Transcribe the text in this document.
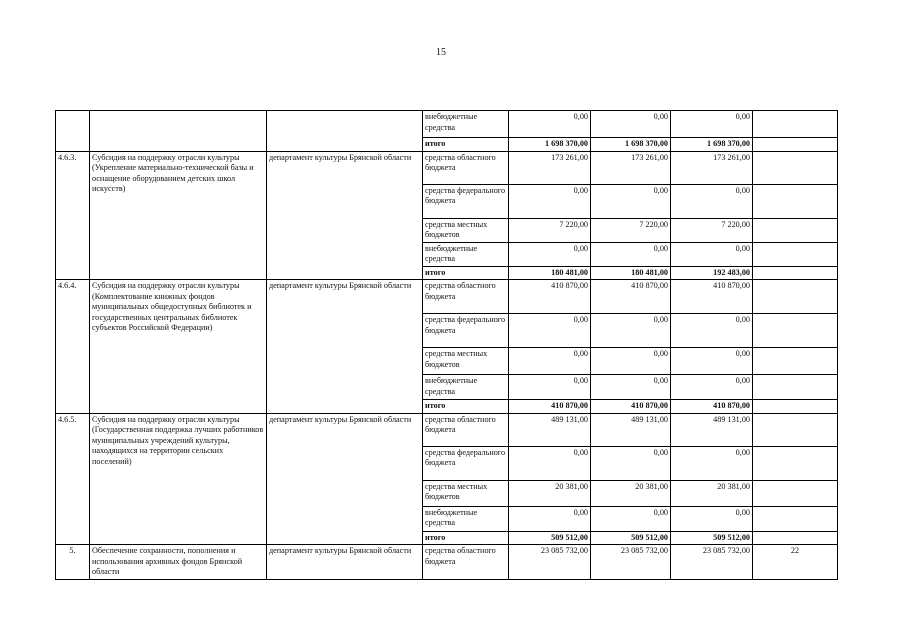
15
			внебюджетные средства	0,00	0,00	0,00	
			итого	1 698 370,00	1 698 370,00	1 698 370,00	
4.6.3.	Субсидия на поддержку отрасли культуры (Укрепление материально-технической базы и оснащение оборудованием детских школ искусств)	департамент культуры Брянской области	средства областного бюджета	173 261,00	173 261,00	173 261,00	
			средства федерального бюджета	0,00	0,00	0,00	
			средства местных бюджетов	7 220,00	7 220,00	7 220,00	
			внебюджетные средства	0,00	0,00	0,00	
			итого	180 481,00	180 481,00	192 483,00	
4.6.4.	Субсидия на поддержку отрасли культуры (Комплектование книжных фондов муниципальных общедоступных библиотек и государственных центральных библиотек субъектов Российской Федерации)	департамент культуры Брянской области	средства областного бюджета	410 870,00	410 870,00	410 870,00	
			средства федерального бюджета	0,00	0,00	0,00	
			средства местных бюджетов	0,00	0,00	0,00	
			внебюджетные средства	0,00	0,00	0,00	
			итого	410 870,00	410 870,00	410 870,00	
4.6.5.	Субсидия на поддержку отрасли культуры (Государственная поддержка лучших работников муниципальных учреждений культуры, находящихся на территории сельских поселений)	департамент культуры Брянской области	средства областного бюджета	489 131,00	489 131,00	489 131,00	
			средства федерального бюджета	0,00	0,00	0,00	
			средства местных бюджетов	20 381,00	20 381,00	20 381,00	
			внебюджетные средства	0,00	0,00	0,00	
			итого	509 512,00	509 512,00	509 512,00	
5.	Обеспечение сохранности, пополнения и использования архивных фондов Брянской области	департамент культуры Брянской области	средства областного бюджета	23 085 732,00	23 085 732,00	23 085 732,00	22
